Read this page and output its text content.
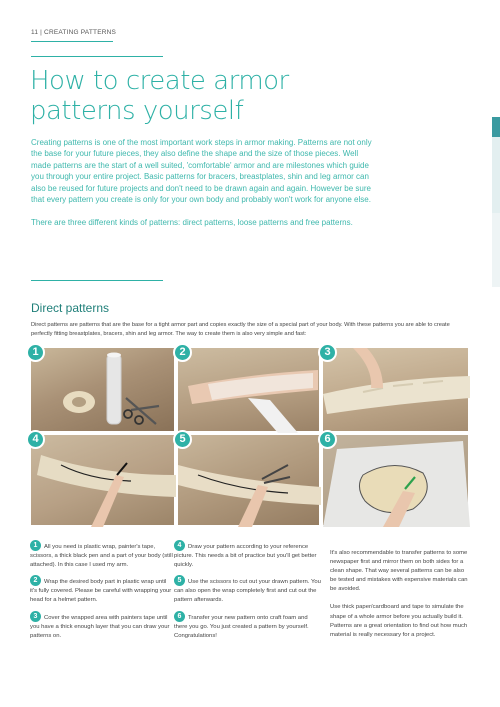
11 | CREATING PATTERNS
How to create armor patterns yourself

Creating patterns is one of the most important work steps in armor making. Patterns are not only the base for your future pieces, they also define the shape and the size of those pieces. Well made patterns are the start of a well suited, 'comfortable' armor and are milestones which guide you through your entire project. Basic patterns for bracers, breastplates, shin and leg armor can also be reused for future projects and don't need to be drawn again and again. However be sure that every pattern you create is only for your own body and probably won't work for anyone else.

There are three different kinds of patterns: direct patterns, loose patterns and free patterns.

Direct patterns

Direct patterns are patterns that are the base for a tight armor part and copies exactly the size of a special part of your body. With these patterns you are able to create perfectly fitting breastplates, bracers, shin and leg armor. The way to create them is also very simple and fast:

1	2	3
4	5	6
1	All you need is plastic wrap, painter's tape, scissors, a thick black pen and a part of your body (still attached). In this case I used my arm.
2	Wrap the desired body part in plastic wrap until it's fully covered. Please be careful with wrapping your head for a helmet pattern.
3	Cover the wrapped area with painters tape until you have a thick enough layer that you can draw your patterns on.
4	Draw your pattern according to your reference picture. This needs a bit of practice but you'll get better quickly.
5	Use the scissors to cut out your drawn pattern. You can also open the wrap completely first and cut out the pattern afterwards.
6	Transfer your new pattern onto craft foam and there you go. You just created a pattern by yourself. Congratulations!

It's also recommendable to transfer patterns to some newspaper first and mirror them on both sides for a clean shape. That way several patterns can be also be tested and mistakes with expensive materials can be avoided.

Use thick paper/cardboard and tape to simulate the shape of a whole armor before you actually build it. Patterns are a great orientation to find out how much material is really necessary for a project.
